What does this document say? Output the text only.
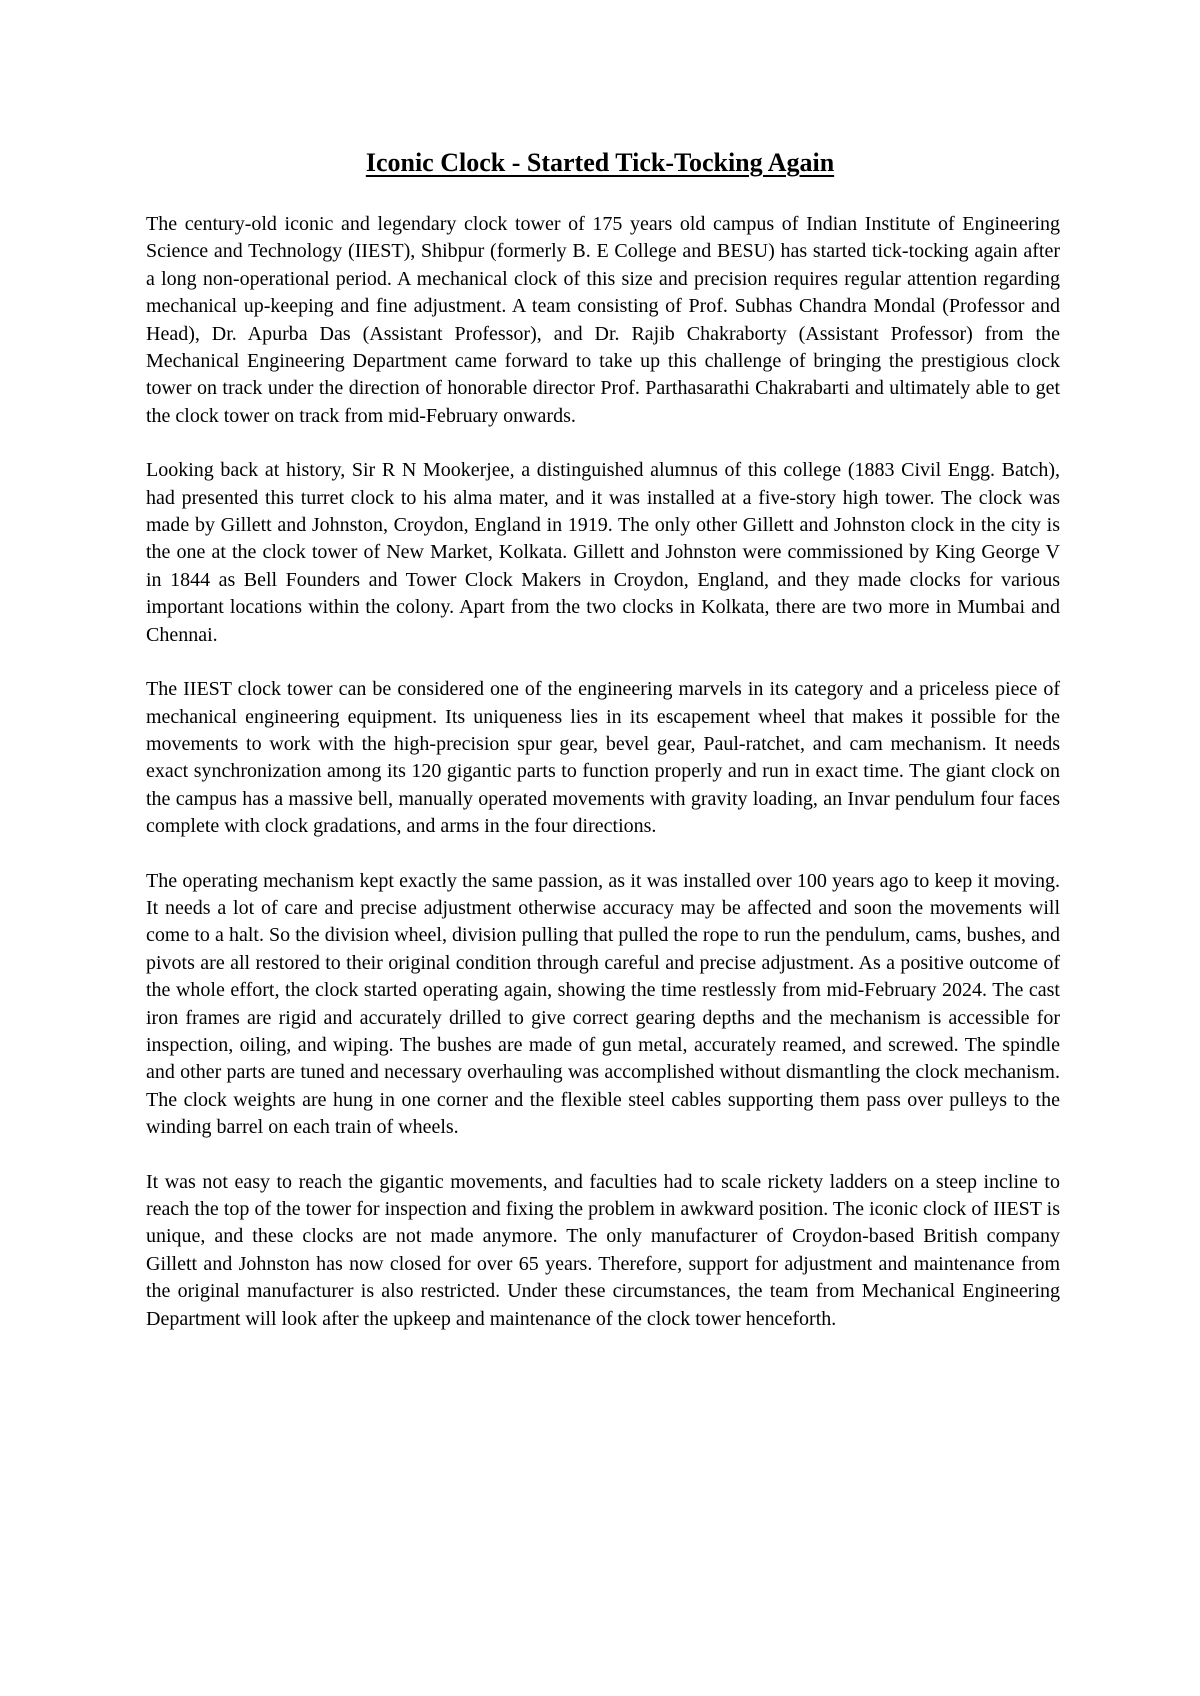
Iconic Clock - Started Tick-Tocking Again

The century-old iconic and legendary clock tower of 175 years old campus of Indian Institute of Engineering Science and Technology (IIEST), Shibpur (formerly B. E College and BESU) has started tick-tocking again after a long non-operational period. A mechanical clock of this size and precision requires regular attention regarding mechanical up-keeping and fine adjustment. A team consisting of Prof. Subhas Chandra Mondal (Professor and Head), Dr. Apurba Das (Assistant Professor), and Dr. Rajib Chakraborty (Assistant Professor) from the Mechanical Engineering Department came forward to take up this challenge of bringing the prestigious clock tower on track under the direction of honorable director Prof. Parthasarathi Chakrabarti and ultimately able to get the clock tower on track from mid-February onwards.

Looking back at history, Sir R N Mookerjee, a distinguished alumnus of this college (1883 Civil Engg. Batch), had presented this turret clock to his alma mater, and it was installed at a five-story high tower. The clock was made by Gillett and Johnston, Croydon, England in 1919. The only other Gillett and Johnston clock in the city is the one at the clock tower of New Market, Kolkata. Gillett and Johnston were commissioned by King George V in 1844 as Bell Founders and Tower Clock Makers in Croydon, England, and they made clocks for various important locations within the colony. Apart from the two clocks in Kolkata, there are two more in Mumbai and Chennai.

The IIEST clock tower can be considered one of the engineering marvels in its category and a priceless piece of mechanical engineering equipment. Its uniqueness lies in its escapement wheel that makes it possible for the movements to work with the high-precision spur gear, bevel gear, Paul-ratchet, and cam mechanism. It needs exact synchronization among its 120 gigantic parts to function properly and run in exact time. The giant clock on the campus has a massive bell, manually operated movements with gravity loading, an Invar pendulum four faces complete with clock gradations, and arms in the four directions.

The operating mechanism kept exactly the same passion, as it was installed over 100 years ago to keep it moving. It needs a lot of care and precise adjustment otherwise accuracy may be affected and soon the movements will come to a halt. So the division wheel, division pulling that pulled the rope to run the pendulum, cams, bushes, and pivots are all restored to their original condition through careful and precise adjustment. As a positive outcome of the whole effort, the clock started operating again, showing the time restlessly from mid-February 2024. The cast iron frames are rigid and accurately drilled to give correct gearing depths and the mechanism is accessible for inspection, oiling, and wiping. The bushes are made of gun metal, accurately reamed, and screwed. The spindle and other parts are tuned and necessary overhauling was accomplished without dismantling the clock mechanism. The clock weights are hung in one corner and the flexible steel cables supporting them pass over pulleys to the winding barrel on each train of wheels.

It was not easy to reach the gigantic movements, and faculties had to scale rickety ladders on a steep incline to reach the top of the tower for inspection and fixing the problem in awkward position. The iconic clock of IIEST is unique, and these clocks are not made anymore. The only manufacturer of Croydon-based British company Gillett and Johnston has now closed for over 65 years. Therefore, support for adjustment and maintenance from the original manufacturer is also restricted. Under these circumstances, the team from Mechanical Engineering Department will look after the upkeep and maintenance of the clock tower henceforth.
